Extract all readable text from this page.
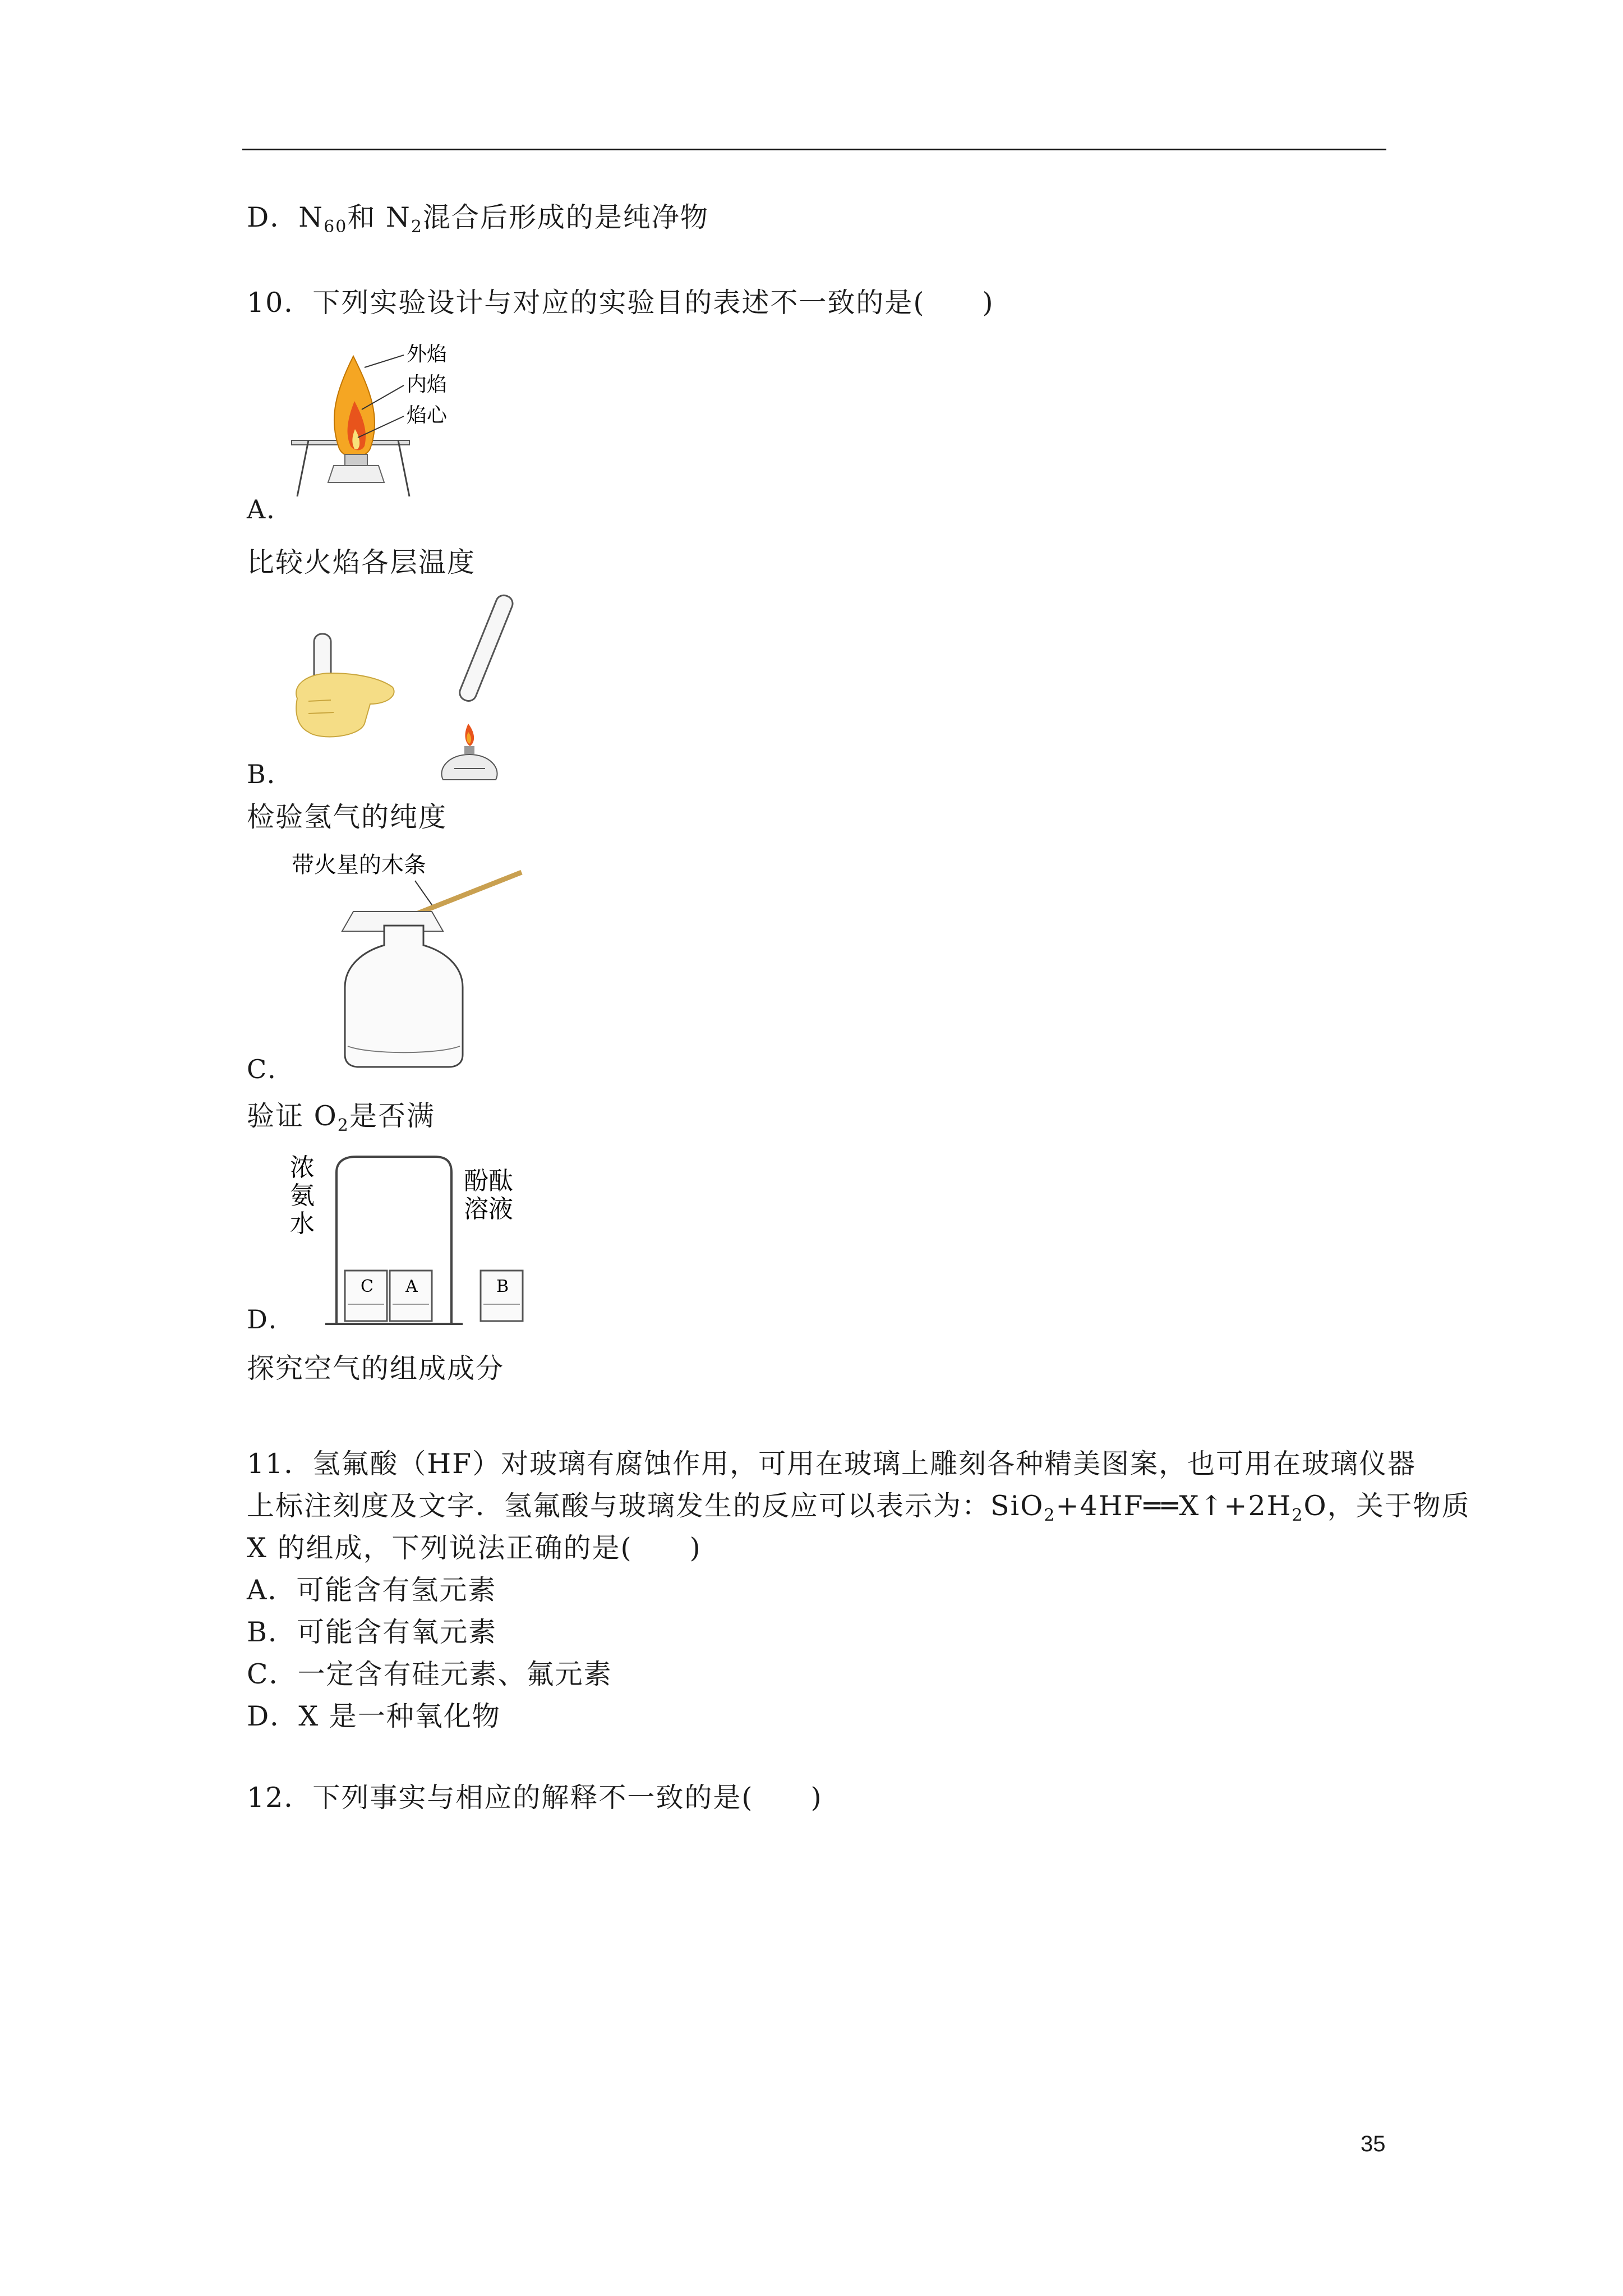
D．$N_{60}$和 $N_2$混合后形成的是纯净物
10．下列实验设计与对应的实验目的表述不一致的是(　　)
外焰
内焰
焰心
A．
比较火焰各层温度
B．
检验氢气的纯度
带火星的木条
C．
验证 $O_2$是否满
浓
氨
水
酚酞
溶液
C A	B
D．
探究空气的组成成分
11．氢氟酸（HF）对玻璃有腐蚀作用，可用在玻璃上雕刻各种精美图案，也可用在玻璃仪器
上标注刻度及文字．氢氟酸与玻璃发生的反应可以表示为：$SiO_2+4HF══X↑+2H_2O$，关于物质
X 的组成，下列说法正确的是(　　)
A．可能含有氢元素
B．可能含有氧元素
C．一定含有硅元素、氟元素
D．X 是一种氧化物
12．下列事实与相应的解释不一致的是(　　)
35
